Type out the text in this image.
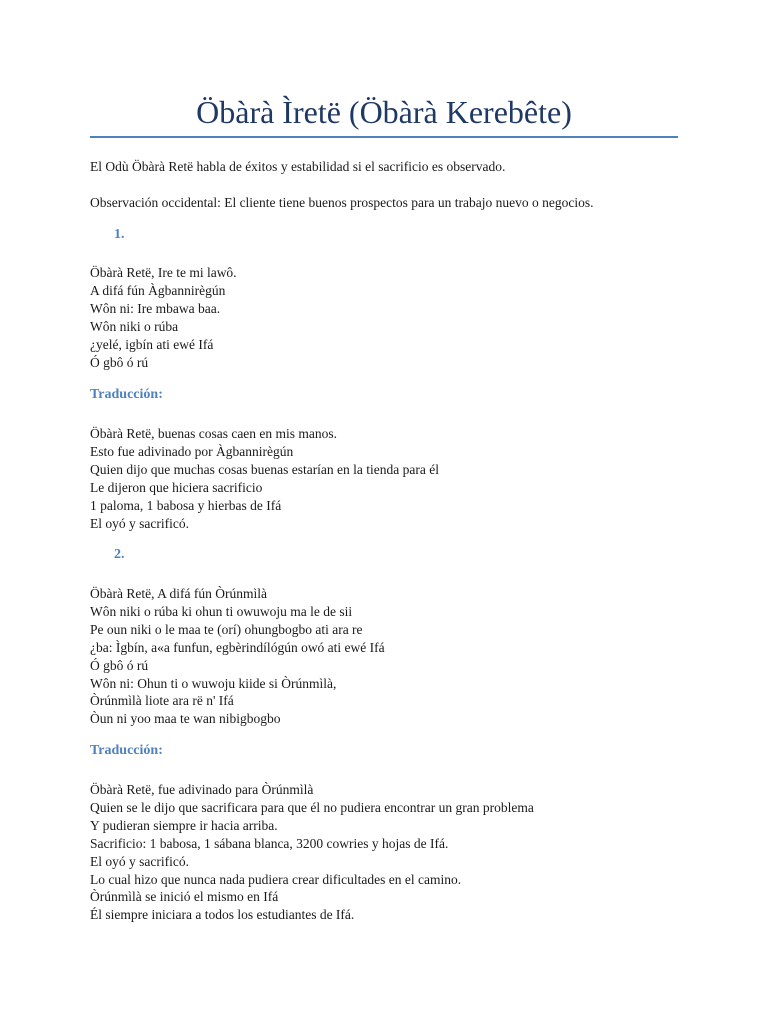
Öbàrà Ìretë (Öbàrà Kerebête)
El Odù Öbàrà Retë habla de éxitos y estabilidad si el sacrificio es observado.
Observación occidental: El cliente tiene buenos prospectos para un trabajo nuevo o negocios.
1.
Öbàrà Retë, Ire te mi lawô.
A difá fún Àgbannirègún
Wôn ni: Ire mbawa baa.
Wôn niki o rúba
¿yelé, igbín ati ewé Ifá
Ó gbô ó rú
Traducción:
Öbàrà Retë, buenas cosas caen en mis manos.
Esto fue adivinado por Àgbannirègún
Quien dijo que muchas cosas buenas estarían en la tienda para él
Le dijeron que hiciera sacrificio
1 paloma, 1 babosa y hierbas de Ifá
El oyó y sacrificó.
2.
Öbàrà Retë, A difá fún Òrúnmìlà
Wôn niki o rúba ki ohun ti owuwoju ma le de sii
Pe oun niki o le maa te (orí) ohungbogbo ati ara re
¿ba: Ìgbín, a«a funfun, egbèrindílógún owó ati ewé Ifá
Ó gbô ó rú
Wôn ni: Ohun ti o wuwoju kiide si Òrúnmìlà,
Òrúnmìlà liote ara rë n' Ifá
Òun ni yoo maa te wan nibigbogbo
Traducción:
Öbàrà Retë, fue adivinado para Òrúnmìlà
Quien se le dijo que sacrificara para que él no pudiera encontrar un gran problema
Y pudieran siempre ir hacia arriba.
Sacrificio: 1 babosa, 1 sábana blanca, 3200 cowries y hojas de Ifá.
El oyó y sacrificó.
Lo cual hizo que nunca nada pudiera crear dificultades en el camino.
Òrúnmìlà se inició el mismo en Ifá
Él siempre iniciara a todos los estudiantes de Ifá.
